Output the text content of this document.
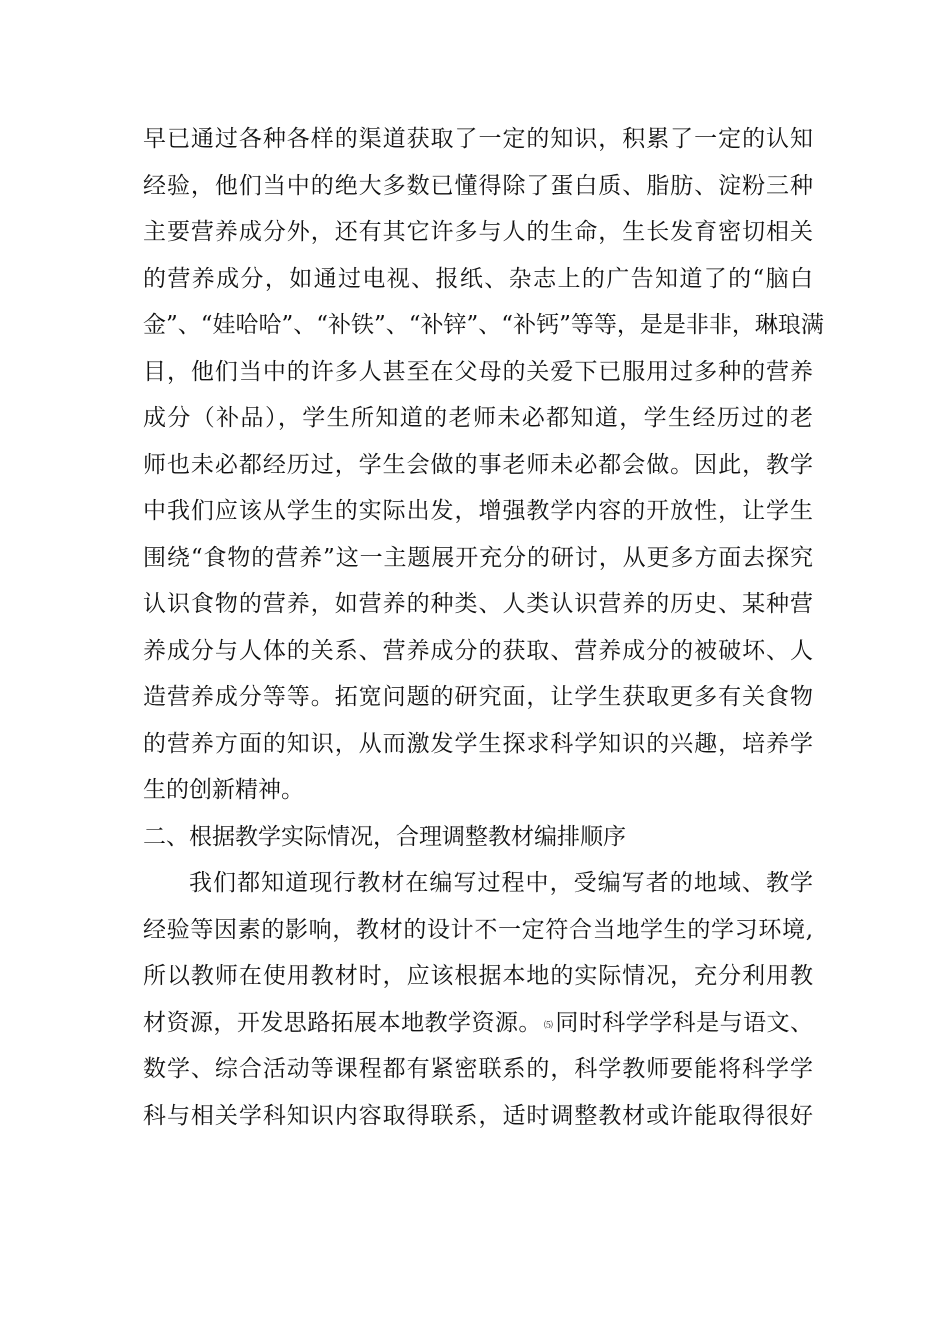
早已通过各种各样的渠道获取了一定的知识，积累了一定的认知
经验，他们当中的绝大多数已懂得除了蛋白质、脂肪、淀粉三种
主要营养成分外，还有其它许多与人的生命，生长发育密切相关
的营养成分，如通过电视、报纸、杂志上的广告知道了的“脑白
金”、“娃哈哈”、“补铁”、“补锌”、“补钙”等等，是是非非，琳琅满
目，他们当中的许多人甚至在父母的关爱下已服用过多种的营养
成分（补品），学生所知道的老师未必都知道，学生经历过的老
师也未必都经历过，学生会做的事老师未必都会做。因此，教学
中我们应该从学生的实际出发，增强教学内容的开放性，让学生
围绕“食物的营养”这一主题展开充分的研讨，从更多方面去探究
认识食物的营养，如营养的种类、人类认识营养的历史、某种营
养成分与人体的关系、营养成分的获取、营养成分的被破坏、人
造营养成分等等。拓宽问题的研究面，让学生获取更多有关食物
的营养方面的知识，从而激发学生探求科学知识的兴趣，培养学
生的创新精神。
二、根据教学实际情况，合理调整教材编排顺序
我们都知道现行教材在编写过程中，受编写者的地域、教学
经验等因素的影响，教材的设计不一定符合当地学生的学习环境,
所以教师在使用教材时，应该根据本地的实际情况，充分利用教
材资源，开发思路拓展本地教学资源。 ⑸同时科学学科是与语文、
数学、综合活动等课程都有紧密联系的，科学教师要能将科学学
科与相关学科知识内容取得联系，适时调整教材或许能取得很好
